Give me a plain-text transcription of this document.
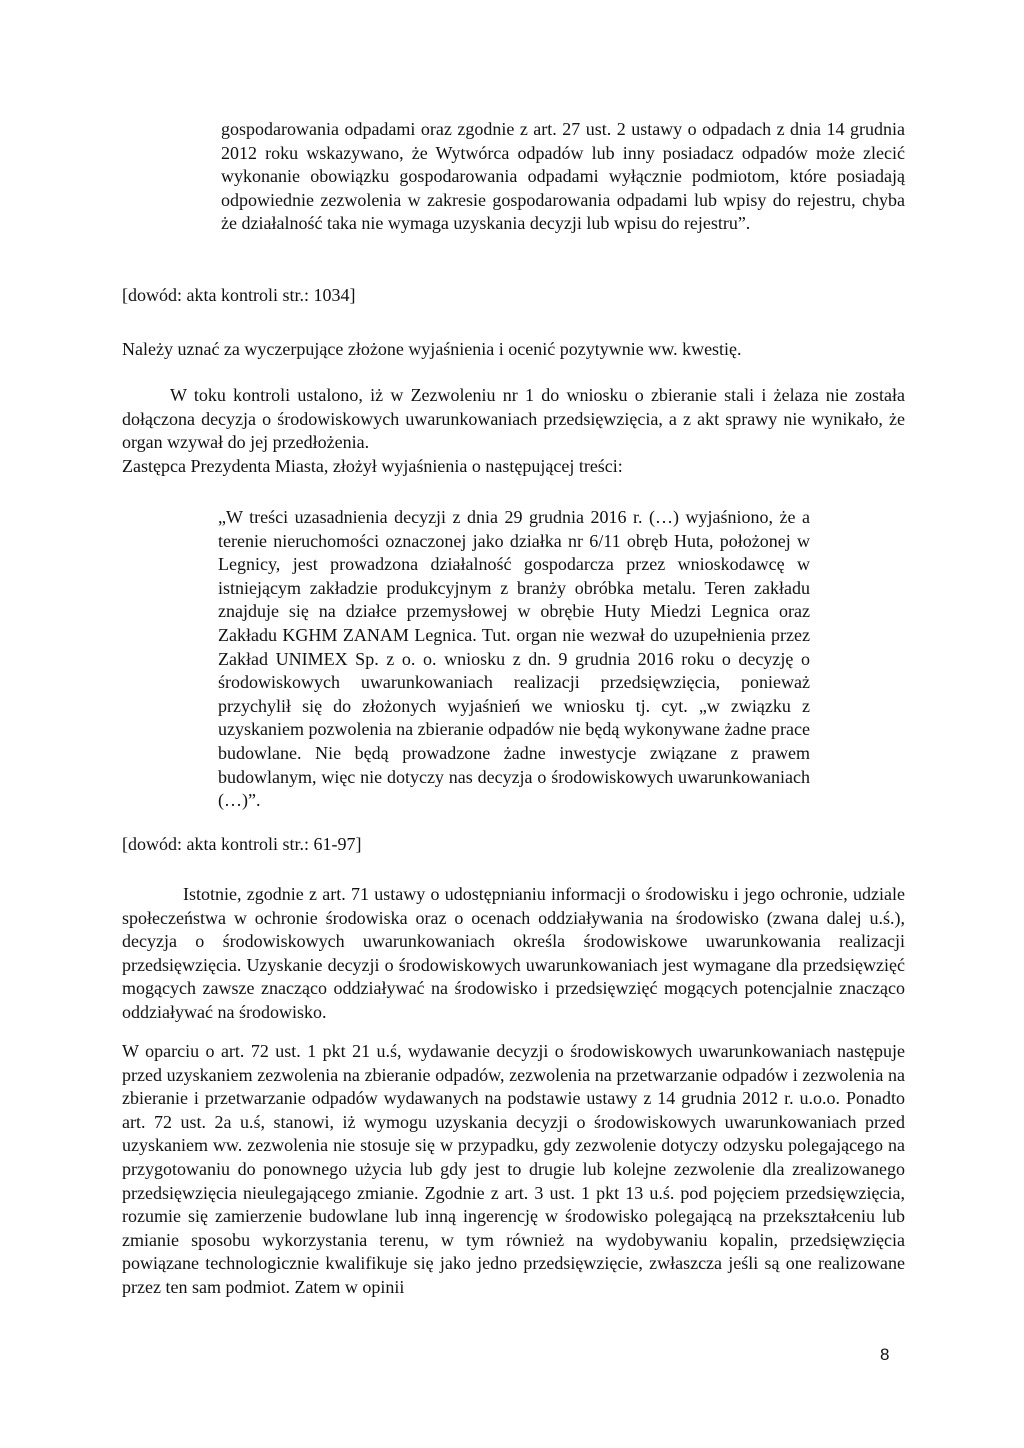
gospodarowania odpadami oraz zgodnie z art. 27 ust. 2 ustawy o odpadach z dnia 14 grudnia 2012 roku wskazywano, że Wytwórca odpadów lub inny posiadacz odpadów może zlecić wykonanie obowiązku gospodarowania odpadami wyłącznie podmiotom, które posiadają odpowiednie zezwolenia w zakresie gospodarowania odpadami lub wpisy do rejestru, chyba że działalność taka nie wymaga uzyskania decyzji lub wpisu do rejestru”.

[dowód: akta kontroli str.: 1034]

Należy uznać za wyczerpujące złożone wyjaśnienia i ocenić pozytywnie ww. kwestię.

W toku kontroli ustalono, iż w Zezwoleniu nr 1 do wniosku o zbieranie stali i żelaza nie została dołączona decyzja o środowiskowych uwarunkowaniach przedsięwzięcia, a z akt sprawy nie wynikało, że organ wzywał do jej przedłożenia.
Zastępca Prezydenta Miasta, złożył wyjaśnienia o następującej treści:

„W treści uzasadnienia decyzji z dnia 29 grudnia 2016 r. (…) wyjaśniono, że a terenie nieruchomości oznaczonej jako działka nr 6/11 obręb Huta, położonej w Legnicy, jest prowadzona działalność gospodarcza przez wnioskodawcę w istniejącym zakładzie produkcyjnym z branży obróbka metalu. Teren zakładu znajduje się na działce przemysłowej w obrębie Huty Miedzi Legnica oraz Zakładu KGHM ZANAM Legnica. Tut. organ nie wezwał do uzupełnienia przez Zakład UNIMEX Sp. z o. o. wniosku z dn. 9 grudnia 2016 roku o decyzję o środowiskowych uwarunkowaniach realizacji przedsięwzięcia, ponieważ przychylił się do złożonych wyjaśnień we wniosku tj. cyt. „w związku z uzyskaniem pozwolenia na zbieranie odpadów nie będą wykonywane żadne prace budowlane. Nie będą prowadzone żadne inwestycje związane z prawem budowlanym, więc nie dotyczy nas decyzja o środowiskowych uwarunkowaniach (…)”.

[dowód: akta kontroli str.: 61-97]

Istotnie, zgodnie z art. 71 ustawy o udostępnianiu informacji o środowisku i jego ochronie, udziale społeczeństwa w ochronie środowiska oraz o ocenach oddziaływania na środowisko (zwana dalej u.ś.), decyzja o środowiskowych uwarunkowaniach określa środowiskowe uwarunkowania realizacji przedsięwzięcia. Uzyskanie decyzji o środowiskowych uwarunkowaniach jest wymagane dla przedsięwzięć mogących zawsze znacząco oddziaływać na środowisko i przedsięwzięć mogących potencjalnie znacząco oddziaływać na środowisko.

W oparciu o art. 72 ust. 1 pkt 21 u.ś, wydawanie decyzji o środowiskowych uwarunkowaniach następuje przed uzyskaniem zezwolenia na zbieranie odpadów, zezwolenia na przetwarzanie odpadów i zezwolenia na zbieranie i przetwarzanie odpadów wydawanych na podstawie ustawy z 14 grudnia 2012 r. u.o.o. Ponadto art. 72 ust. 2a u.ś, stanowi, iż wymogu uzyskania decyzji o środowiskowych uwarunkowaniach przed uzyskaniem ww. zezwolenia nie stosuje się w przypadku, gdy zezwolenie dotyczy odzysku polegającego na przygotowaniu do ponownego użycia lub gdy jest to drugie lub kolejne zezwolenie dla zrealizowanego przedsięwzięcia nieulegającego zmianie. Zgodnie z art. 3 ust. 1 pkt 13 u.ś. pod pojęciem przedsięwzięcia, rozumie się zamierzenie budowlane lub inną ingerencję w środowisko polegającą na przekształceniu lub zmianie sposobu wykorzystania terenu, w tym również na wydobywaniu kopalin, przedsięwzięcia powiązane technologicznie kwalifikuje się jako jedno przedsięwzięcie, zwłaszcza jeśli są one realizowane przez ten sam podmiot. Zatem w opinii

8
